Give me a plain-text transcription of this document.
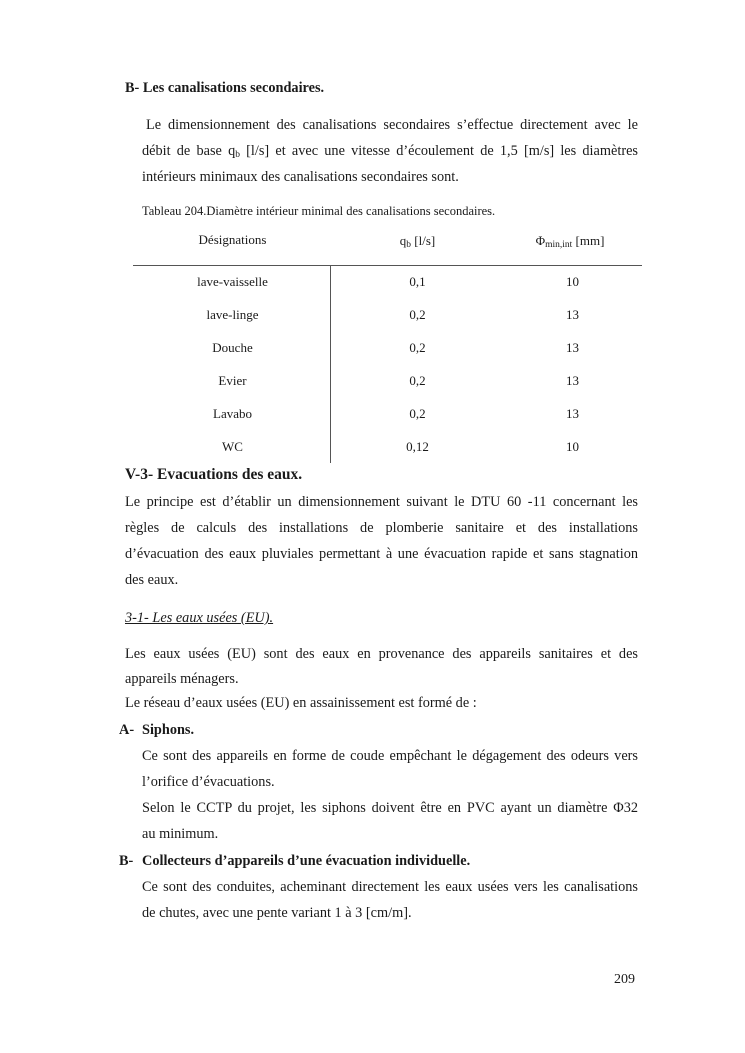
B- Les canalisations secondaires.
Le dimensionnement des canalisations secondaires s’effectue directement avec le
débit de base $q_b$ [l/s] et avec une vitesse d’écoulement de 1,5 [m/s] les diamètres
intérieurs minimaux des canalisations secondaires sont.
Tableau 204.Diamètre intérieur minimal des canalisations secondaires.
Désignations	$q_b$ [l/s]	$\Phi_{min,int}$ [mm]
lave-vaisselle	0,1	10
lave-linge	0,2	13
Douche	0,2	13
Evier	0,2	13
Lavabo	0,2	13
WC	0,12	10
V-3- Evacuations des eaux.
Le principe est d’établir un dimensionnement suivant le DTU 60 -11 concernant les
règles de calculs des installations de plomberie sanitaire et des installations
d’évacuation des eaux pluviales permettant à une évacuation rapide et sans stagnation
des eaux.
3-1- Les eaux usées (EU).
Les eaux usées (EU) sont des eaux en provenance des appareils sanitaires et des
appareils ménagers.
Le réseau d’eaux usées (EU) en assainissement est formé de :
A- Siphons.
Ce sont des appareils en forme de coude empêchant le dégagement des odeurs vers
l’orifice d’évacuations.
Selon le CCTP du projet, les siphons doivent être en PVC ayant un diamètre Φ32
au minimum.
B- Collecteurs d’appareils d’une évacuation individuelle.
Ce sont des conduites, acheminant directement les eaux usées vers les canalisations
de chutes, avec une pente variant 1 à 3 [cm/m].
209
